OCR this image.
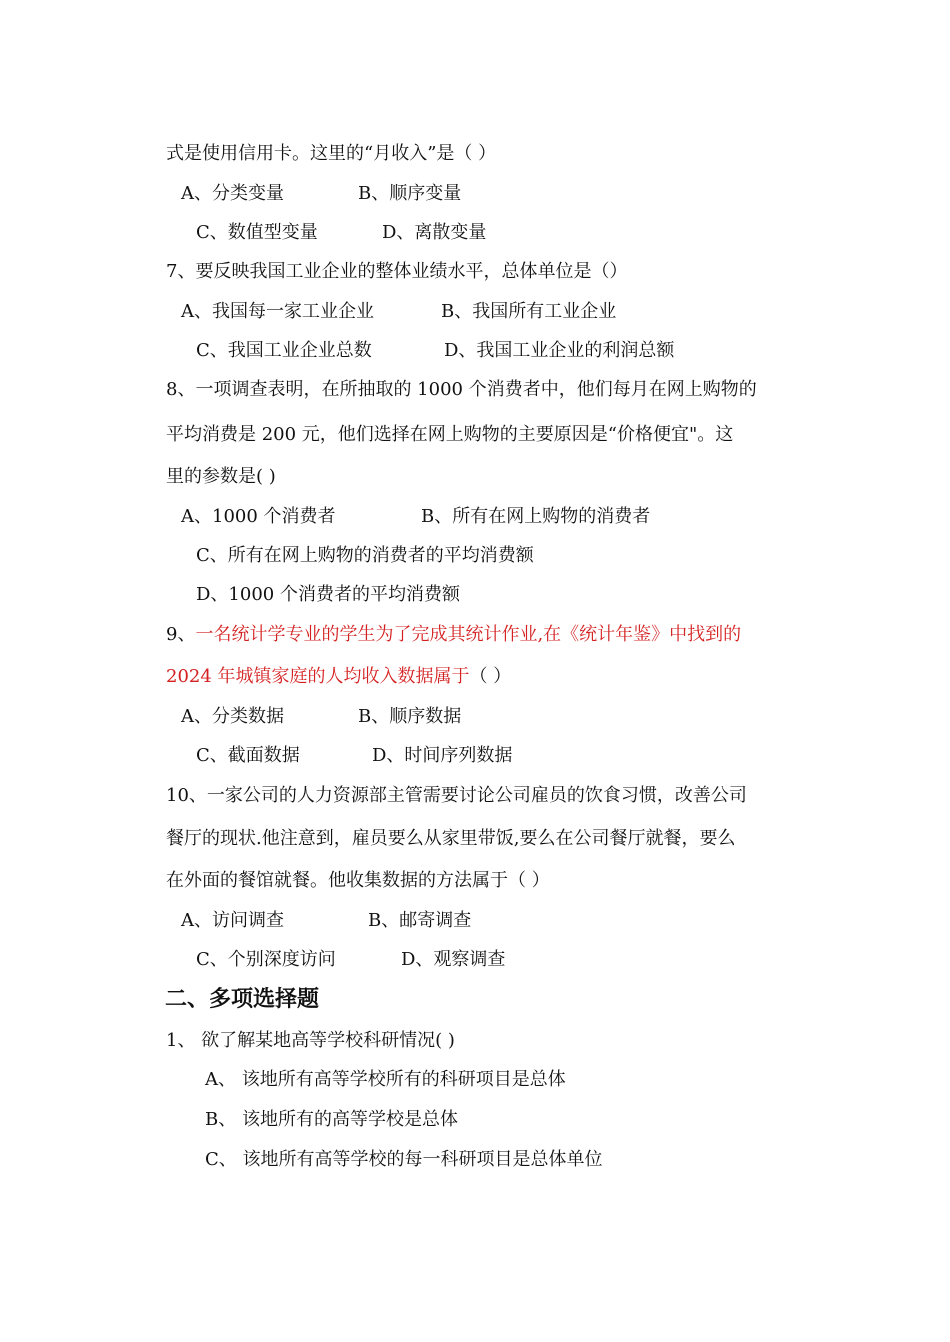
式是使用信用卡。这里的“月收入”是（ ）
A、分类变量	B、顺序变量
C、数值型变量	D、离散变量
7、要反映我国工业企业的整体业绩水平，总体单位是（）
A、我国每一家工业企业	B、我国所有工业企业
C、我国工业企业总数	D、我国工业企业的利润总额
8、一项调查表明，在所抽取的 1000 个消费者中，他们每月在网上购物的
平均消费是 200 元，他们选择在网上购物的主要原因是“价格便宜"。这
里的参数是( )
A、1000 个消费者	B、所有在网上购物的消费者
C、所有在网上购物的消费者的平均消费额
D、1000 个消费者的平均消费额
9、一名统计学专业的学生为了完成其统计作业,在《统计年鉴》中找到的
2024 年城镇家庭的人均收入数据属于（ ）
A、分类数据	B、顺序数据
C、截面数据	D、时间序列数据
10、一家公司的人力资源部主管需要讨论公司雇员的饮食习惯，改善公司
餐厅的现状.他注意到，雇员要么从家里带饭,要么在公司餐厅就餐，要么
在外面的餐馆就餐。他收集数据的方法属于（ ）
A、访问调查	B、邮寄调查
C、个别深度访问	D、观察调查
二、多项选择题
1、 欲了解某地高等学校科研情况( )
A、 该地所有高等学校所有的科研项目是总体
B、 该地所有的高等学校是总体
C、 该地所有高等学校的每一科研项目是总体单位
